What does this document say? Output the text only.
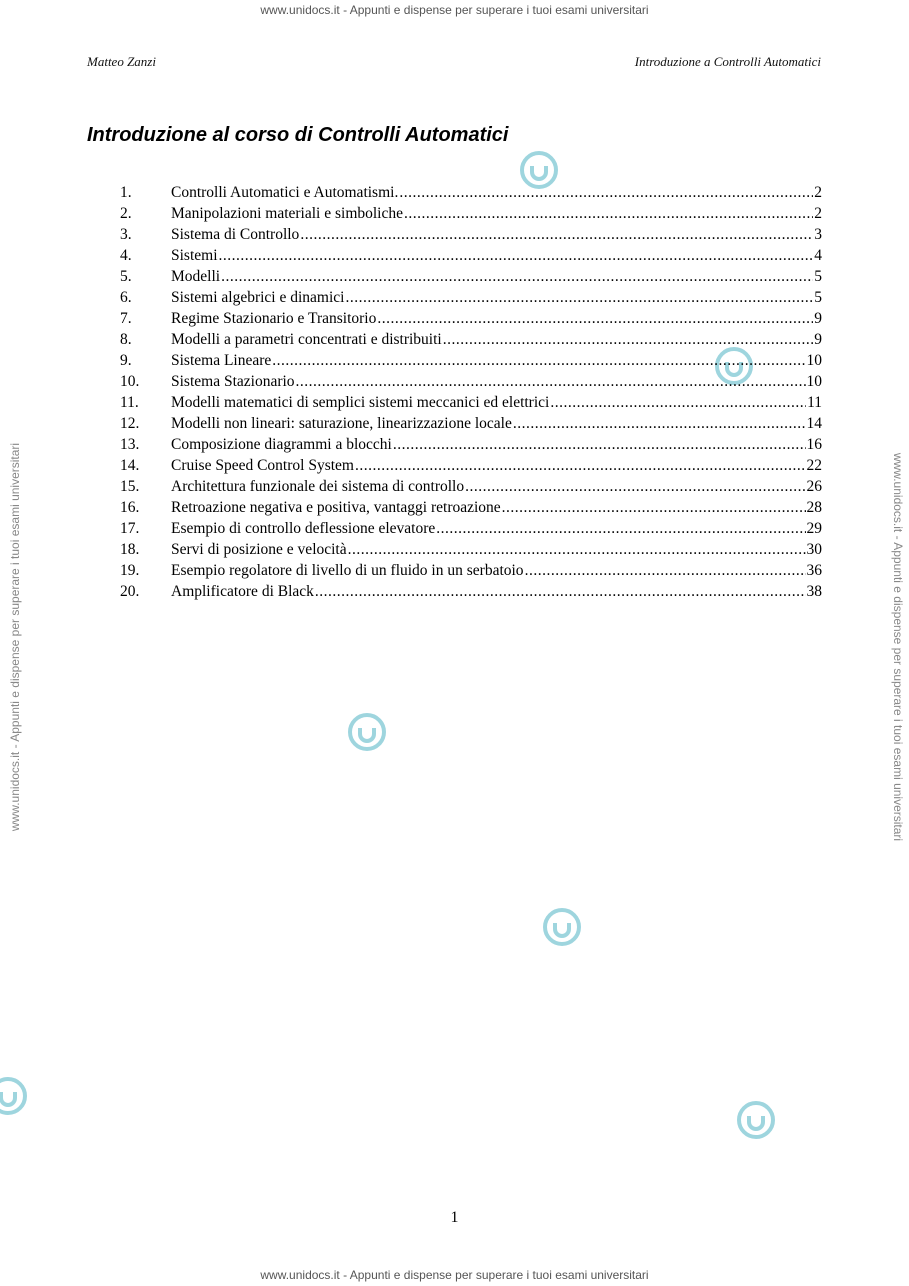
www.unidocs.it - Appunti e dispense per superare i tuoi esami universitari
www.unidocs.it - Appunti e dispense per superare i tuoi esami universitari
www.unidocs.it - Appunti e dispense per superare i tuoi esami universitari	www.unidocs.it - Appunti e dispense per superare i tuoi esami universitari
Matteo Zanzi	Introduzione a Controlli Automatici
Introduzione al corso di Controlli Automatici
1.	Controlli Automatici e Automatismi. .....	2
2.	Manipolazioni materiali e simboliche .....	2
3.	Sistema di Controllo .....	3
4.	Sistemi .....	4
5.	Modelli .....	5
6.	Sistemi algebrici e dinamici .....	5
7.	Regime Stazionario e Transitorio .....	9
8.	Modelli a parametri concentrati e distribuiti .....	9
9.	Sistema Lineare .....	10
10.	Sistema Stazionario .....	10
11.	Modelli matematici di semplici sistemi meccanici ed elettrici .....	11
12.	Modelli non lineari: saturazione, linearizzazione locale .....	14
13.	Composizione diagrammi a blocchi .....	16
14.	Cruise Speed Control System .....	22
15.	Architettura funzionale dei sistema di controllo .....	26
16.	Retroazione negativa e positiva, vantaggi retroazione .....	28
17.	Esempio di controllo deflessione elevatore .....	29
18.	Servi di posizione e velocità .....	30
19.	Esempio regolatore di livello di un fluido in un serbatoio .....	36
20.	Amplificatore di Black .....	38
1
